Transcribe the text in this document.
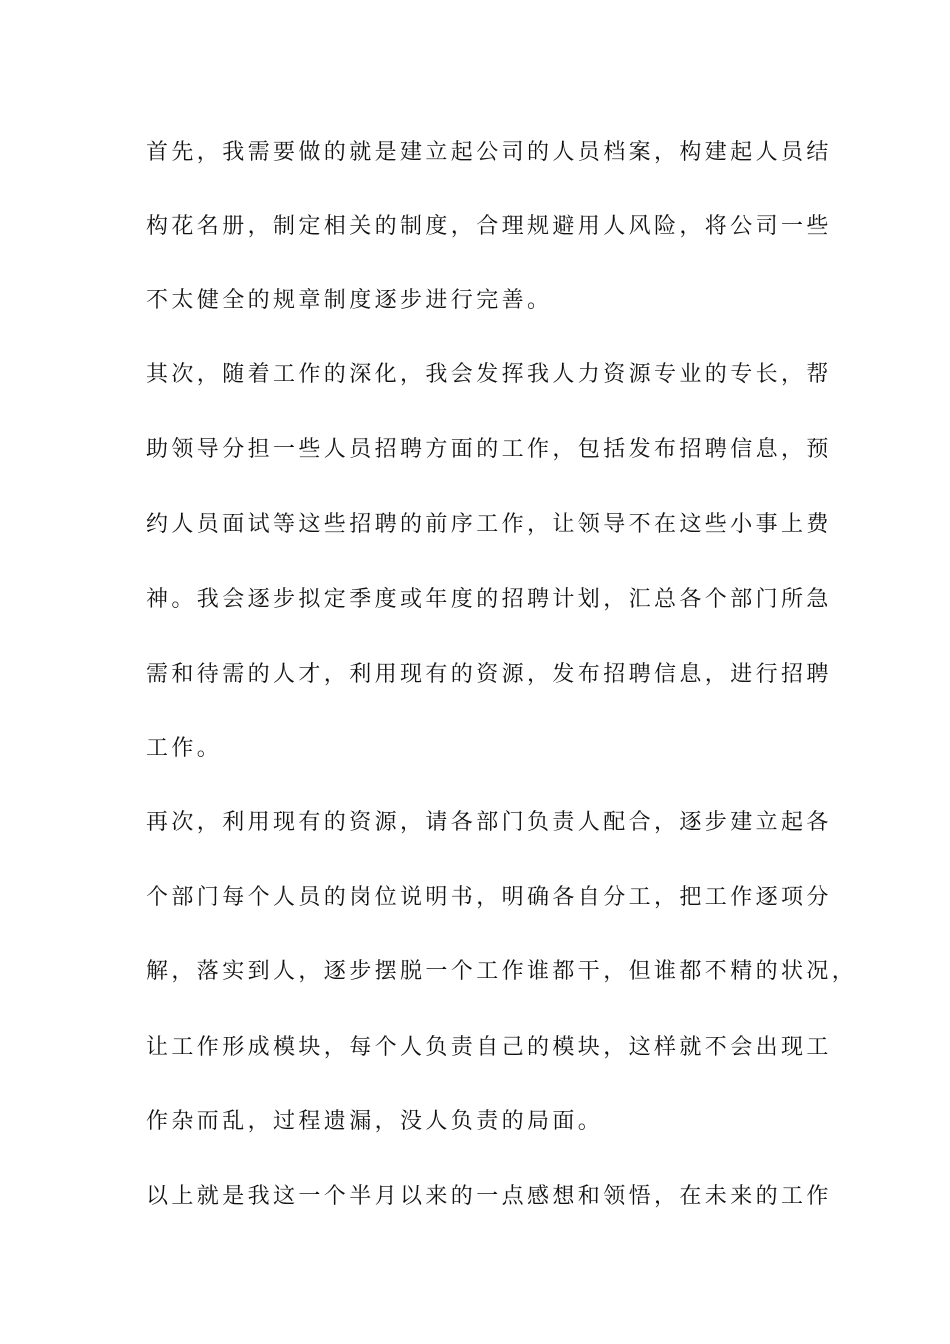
首先，我需要做的就是建立起公司的人员档案，构建起人员结
构花名册，制定相关的制度，合理规避用人风险，将公司一些
不太健全的规章制度逐步进行完善。
其次，随着工作的深化，我会发挥我人力资源专业的专长，帮
助领导分担一些人员招聘方面的工作，包括发布招聘信息，预
约人员面试等这些招聘的前序工作，让领导不在这些小事上费
神。我会逐步拟定季度或年度的招聘计划，汇总各个部门所急
需和待需的人才，利用现有的资源，发布招聘信息，进行招聘
工作。
再次，利用现有的资源，请各部门负责人配合，逐步建立起各
个部门每个人员的岗位说明书，明确各自分工，把工作逐项分
解，落实到人，逐步摆脱一个工作谁都干，但谁都不精的状况，
让工作形成模块，每个人负责自己的模块，这样就不会出现工
作杂而乱，过程遗漏，没人负责的局面。
以上就是我这一个半月以来的一点感想和领悟，在未来的工作
